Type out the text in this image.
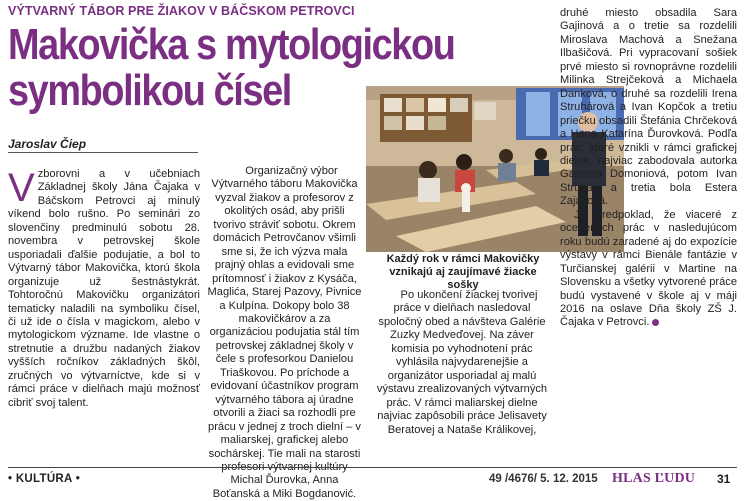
VÝTVARNÝ TÁBOR PRE ŽIAKOV V BÁČSKOM PETROVCI
Makovička s mytologickou
symbolikou čísel
Jaroslav Čiep
V zborovni a v učebniach Základnej školy Jána Čajaka v Báčskom Petrovci aj minulý víkend bolo rušno. Po seminári zo slovenčiny predminulú sobotu 28. novembra v petrovskej škole usporiadali ďalšie podujatie, a bol to Výtvarný tábor Makovička, ktorú škola organizuje už šestnástykrát. Tohtoročnú Makovičku organizátori tematicky naladili na symboliku čísel, či už ide o čísla v magickom, alebo v mytologickom význame. Ide vlastne o stretnutie a družbu nadaných žiakov vyšších ročníkov základných škôl, zručných vo výtvarníctve, kde si v rámci práce v dielňach majú možnosť cibriť svoj talent.

Organizačný výbor Výtvarného táboru Makovička vyzval žiakov a profesorov z okolitých osád, aby prišli tvorivo stráviť sobotu. Okrem domácich Petrovčanov všimli sme si, že ich výzva mala prajný ohlas a evidovali sme prítomnosť i žiakov z Kysáča, Maglića, Starej Pazovy, Pivnice a Kulpína. Dokopy bolo 38 makovičkárov a za organizáciou podujatia stál tím petrovskej základnej školy v čele s profesorkou Danielou Triaškovou. Po príchode a evidovaní účastníkov program výtvarného tábora aj úradne otvorili a žiaci sa rozhodli pre prácu v jednej z troch dielní – v maliarskej, grafickej alebo sochárskej. Tie mali na starosti profesori výtvarnej kultúry Michal Ďurovka, Anna Boťanská a Miki Bogdanović.

Každý rok v rámci Makovičky vznikajú aj zaujímavé žiacke sošky

Po ukončení žiackej tvorivej práce v dielňach nasledoval spoločný obed a návšteva Galérie Zuzky Medveďovej. Na záver komisia po vyhodnotení prác vyhlásila najvydarenejšie a organizátor usporiadal aj malú výstavu zrealizovaných výtvarných prác. V rámci maliarskej dielne najviac zapôsobili práce Jelisavety Beratovej a Nataše Králikovej,

druhé miesto obsadila Sara Gajinová a o tretie sa rozdelili Miroslava Machová a Snežana Ilbašičová. Pri vypracovaní sošiek prvé miesto si rovnoprávne rozdelili Milinka Strejčeková a Michaela Danková, o druhé sa rozdelili Irena Struhárová a Ivan Kopčok a tretiu priečku obsadili Štefánia Chrčeková a Hana Katarína Ďurovková. Podľa prác, ktoré vznikli v rámci grafickej dielne, najviac zabodovala autorka Gabriela Domoniová, potom Ivan Struhár a tretia bola Estera Zajacová.

Je predpoklad, že viaceré z ocenených prác v nasledujúcom roku budú zaradené aj do expozície výstavy v rámci Bienále fantázie v Turčianskej galérii v Martine na Slovensku a všetky vytvorené práce budú vystavené v škole aj v máji 2016 na oslave Dňa školy ZŠ J. Čajaka v Petrovci.

• KULTÚRA •	49 /4676/ 5. 12. 2015 HLAS ĽUDU 31
